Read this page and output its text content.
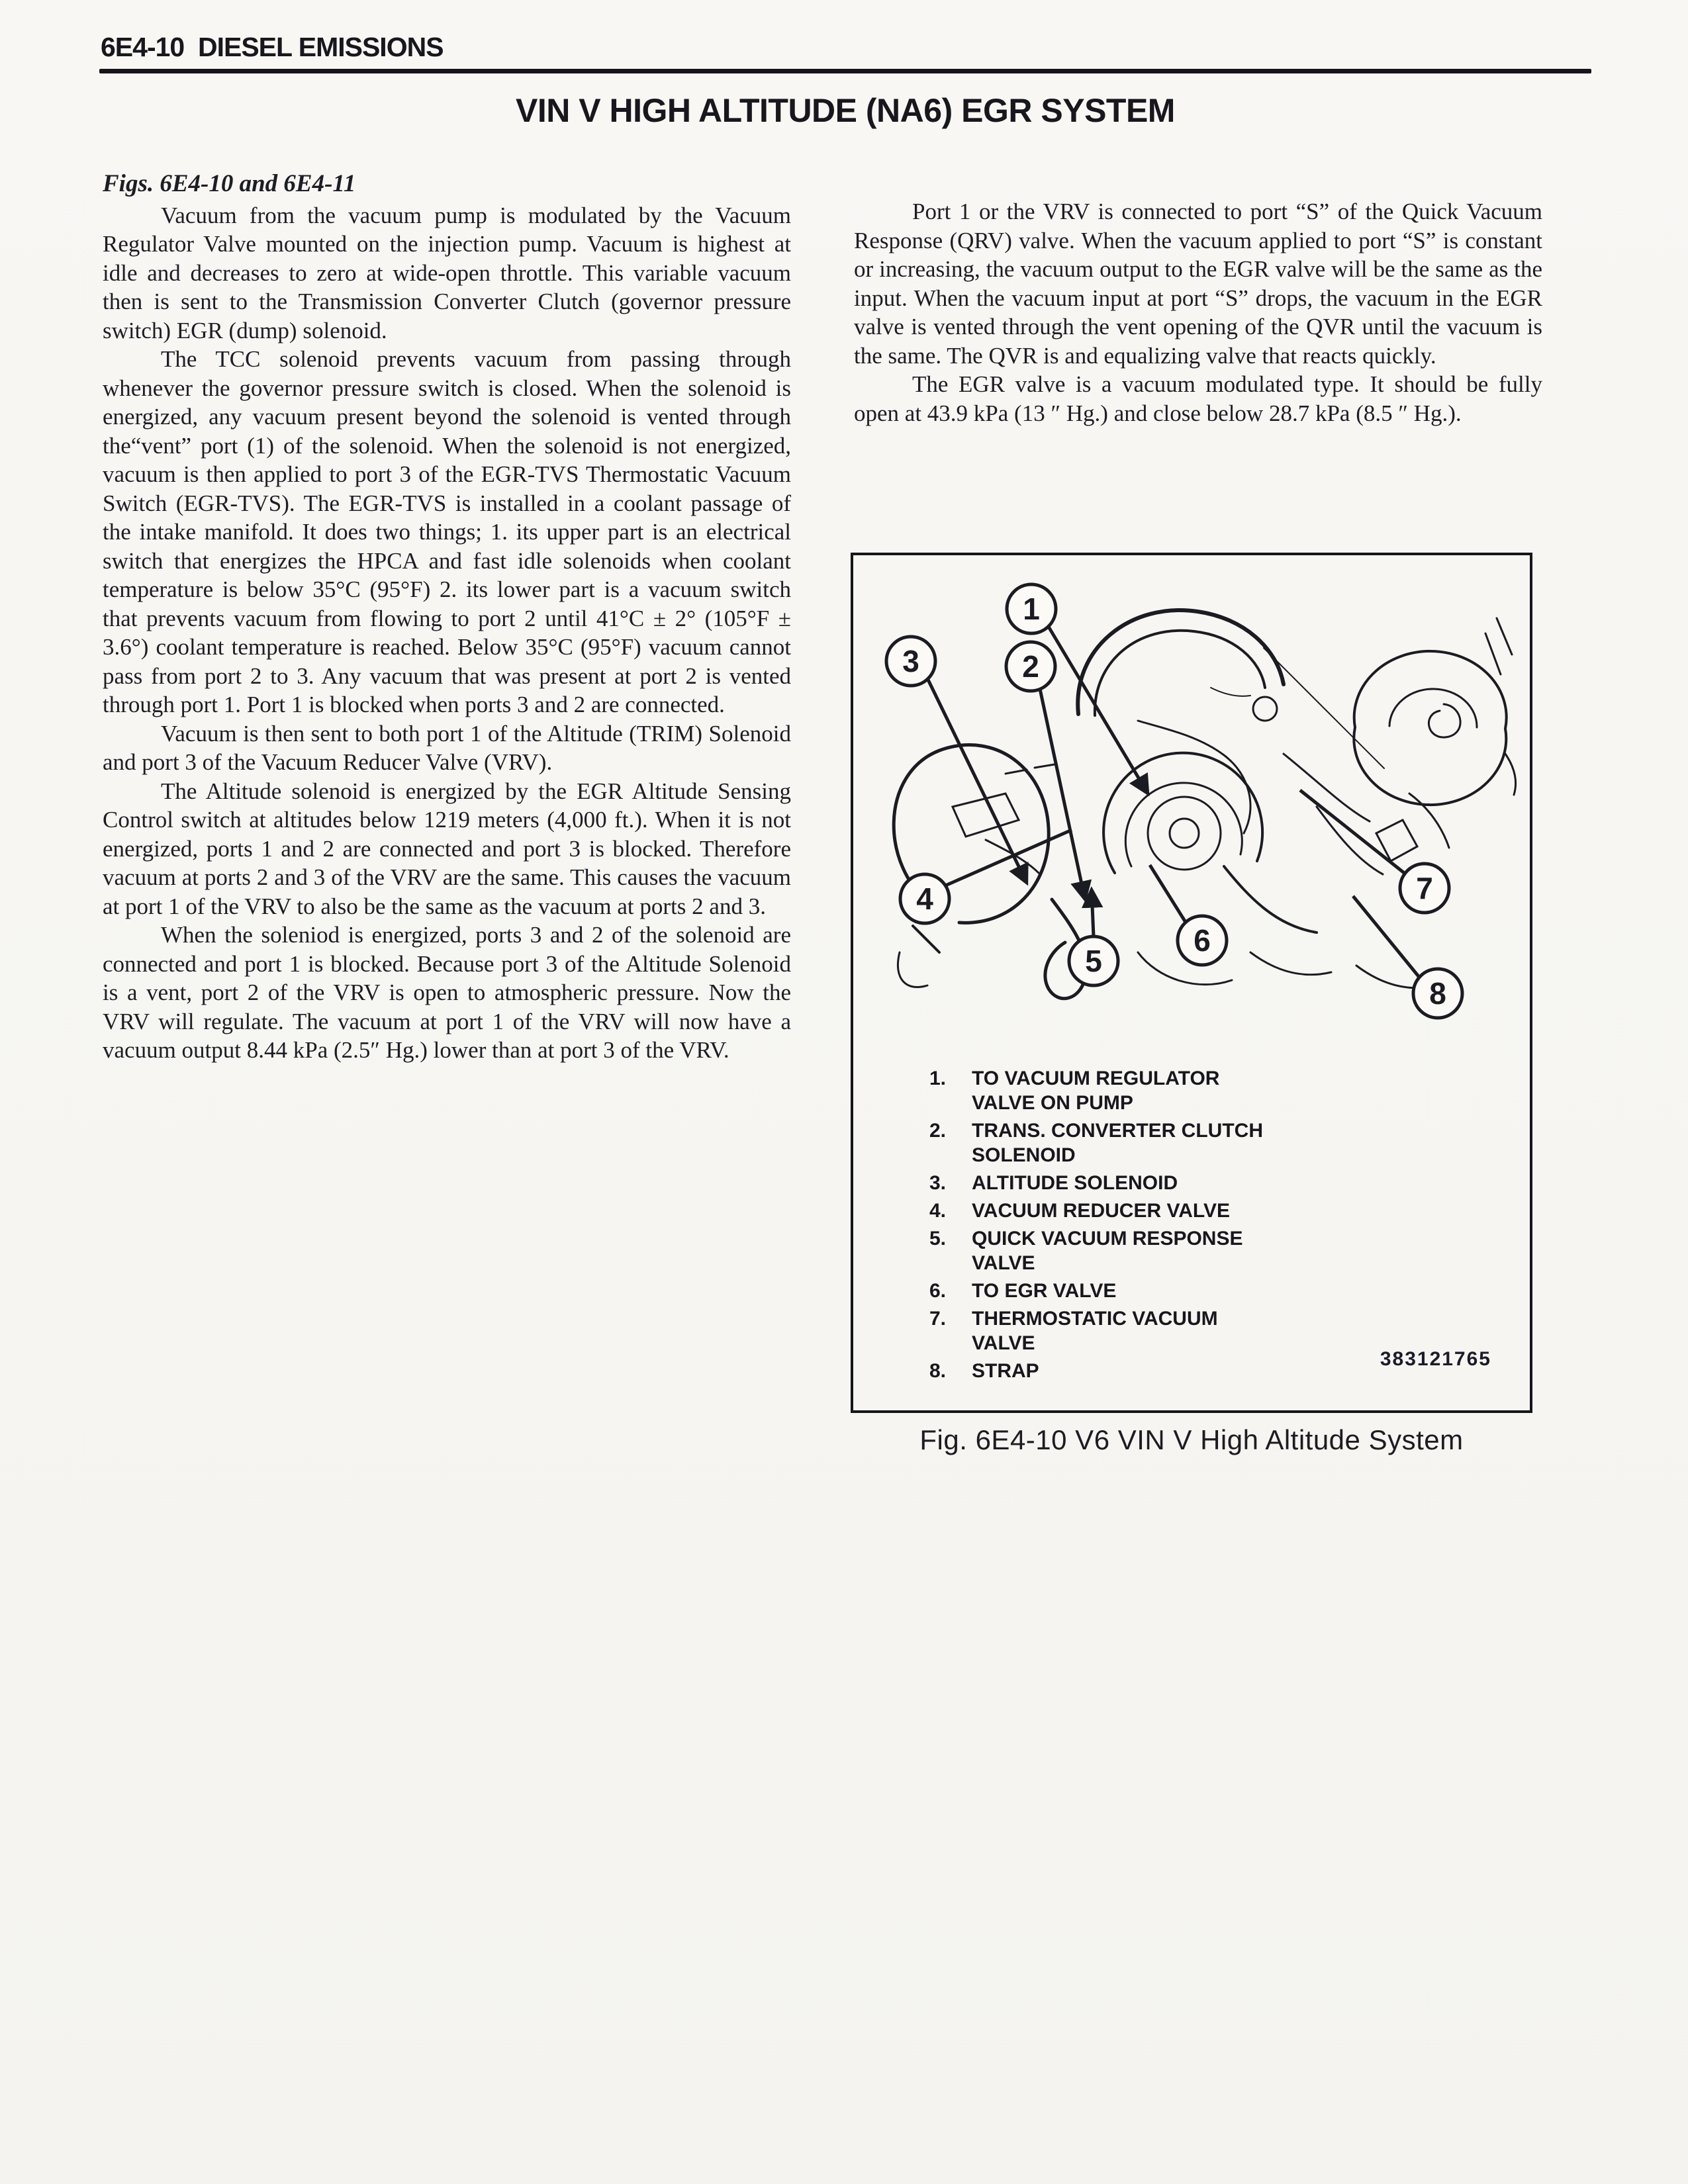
6E4-10  DIESEL EMISSIONS
VIN V HIGH ALTITUDE (NA6) EGR SYSTEM
Figs. 6E4-10 and 6E4-11

Vacuum from the vacuum pump is modulated by the Vacuum Regulator Valve mounted on the injection pump. Vacuum is highest at idle and decreases to zero at wide-open throttle. This variable vacuum then is sent to the Transmission Converter Clutch (governor pressure switch) EGR (dump) solenoid.

The TCC solenoid prevents vacuum from passing through whenever the governor pressure switch is closed. When the solenoid is energized, any vacuum present beyond the solenoid is vented through the“vent” port (1) of the solenoid. When the solenoid is not energized, vacuum is then applied to port 3 of the EGR-TVS Thermostatic Vacuum Switch (EGR-TVS). The EGR-TVS is installed in a coolant passage of the intake manifold. It does two things; 1. its upper part is an electrical switch that energizes the HPCA and fast idle solenoids when coolant temperature is below 35°C (95°F) 2. its lower part is a vacuum switch that prevents vacuum from flowing to port 2 until 41°C ± 2° (105°F ± 3.6°) coolant temperature is reached. Below 35°C (95°F) vacuum cannot pass from port 2 to 3. Any vacuum that was present at port 2 is vented through port 1. Port 1 is blocked when ports 3 and 2 are connected.

Vacuum is then sent to both port 1 of the Altitude (TRIM) Solenoid and port 3 of the Vacuum Reducer Valve (VRV).

The Altitude solenoid is energized by the EGR Altitude Sensing Control switch at altitudes below 1219 meters (4,000 ft.). When it is not energized, ports 1 and 2 are connected and port 3 is blocked. Therefore vacuum at ports 2 and 3 of the VRV are the same. This causes the vacuum at port 1 of the VRV to also be the same as the vacuum at ports 2 and 3.

When the soleniod is energized, ports 3 and 2 of the solenoid are connected and port 1 is blocked. Because port 3 of the Altitude Solenoid is a vent, port 2 of the VRV is open to atmospheric pressure. Now the VRV will regulate. The vacuum at port 1 of the VRV will now have a vacuum output 8.44 kPa (2.5″ Hg.) lower than at port 3 of the VRV.

Port 1 or the VRV is connected to port “S” of the Quick Vacuum Response (QRV) valve. When the vacuum applied to port “S” is constant or increasing, the vacuum output to the EGR valve will be the same as the input. When the vacuum input at port “S” drops, the vacuum in the EGR valve is vented through the vent opening of the QVR until the vacuum is the same. The QVR is and equalizing valve that reacts quickly.

The EGR valve is a vacuum modulated type. It should be fully open at 43.9 kPa (13 ″ Hg.) and close below 28.7 kPa (8.5 ″ Hg.).

1
2
3
4
5
6
7
8
1.	TO VACUUM REGULATOR VALVE ON PUMP
2.	TRANS. CONVERTER CLUTCH SOLENOID
3.	ALTITUDE SOLENOID
4.	VACUUM REDUCER VALVE
5.	QUICK VACUUM RESPONSE VALVE
6.	TO EGR VALVE
7.	THERMOSTATIC VACUUM VALVE
8.	STRAP
383121765
Fig. 6E4-10 V6 VIN V High Altitude System
